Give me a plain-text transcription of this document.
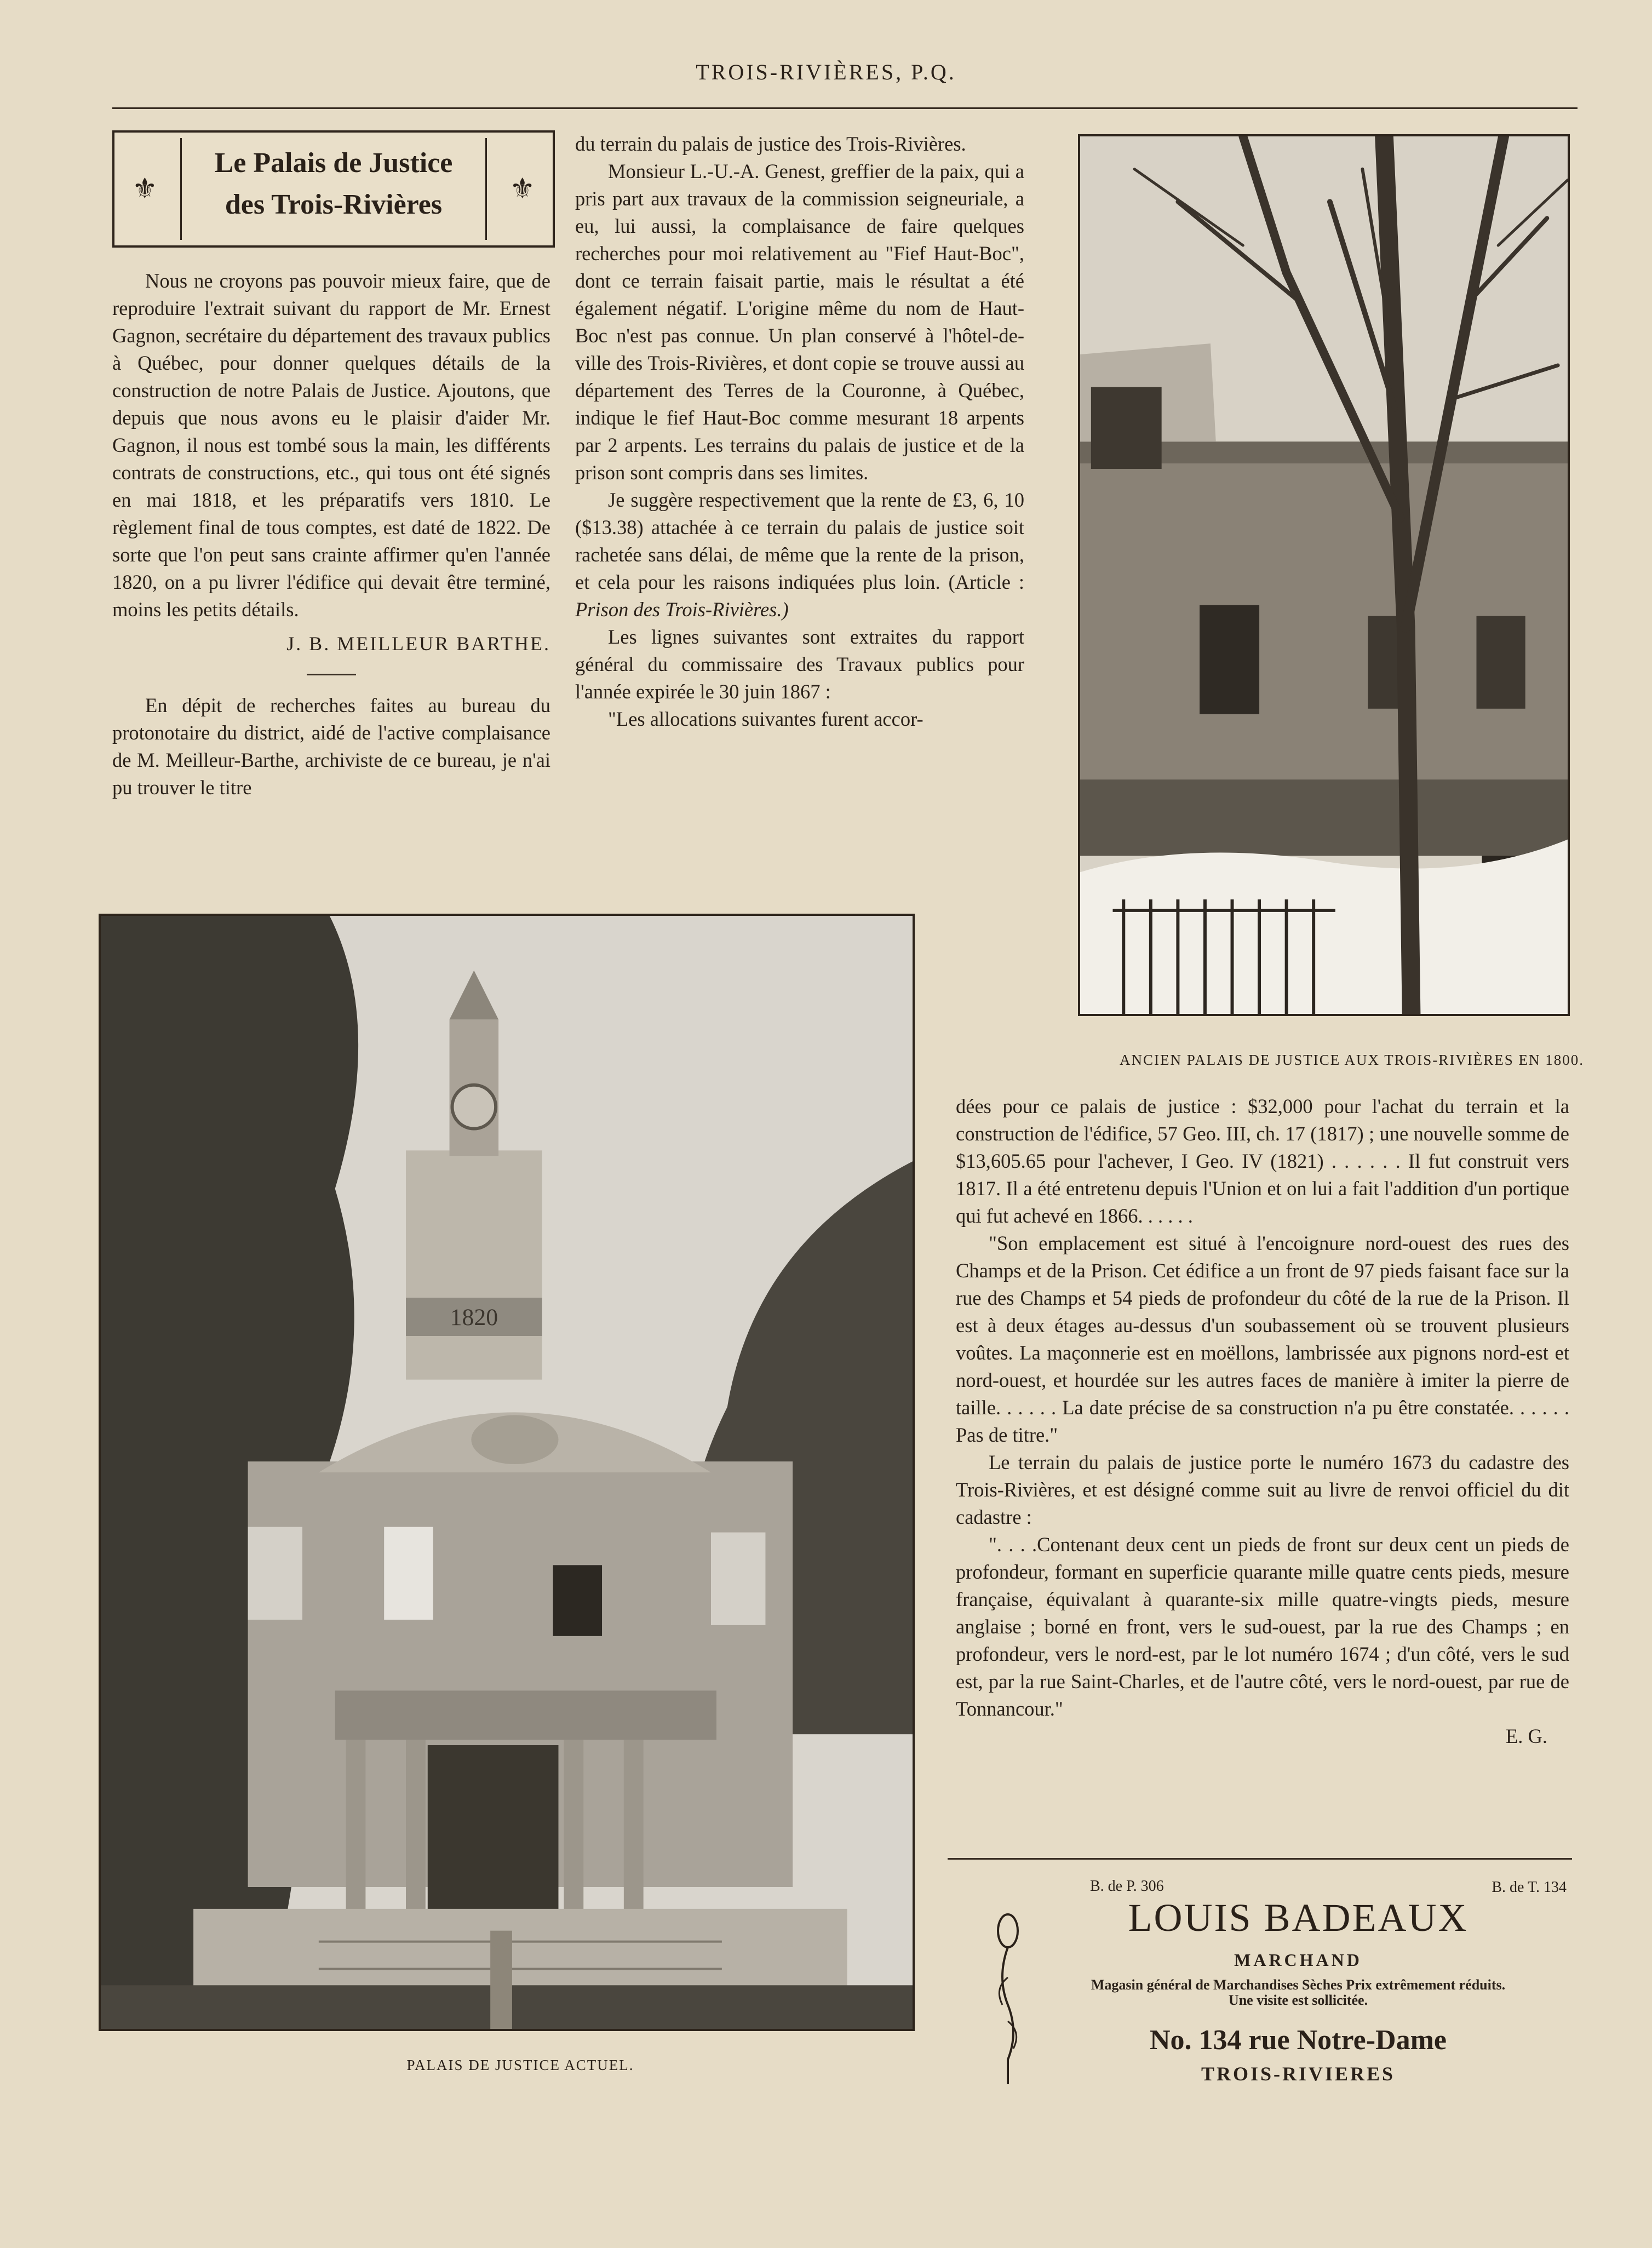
TROIS-RIVIÈRES, P.Q.
⚜
Le Palais de Justice
des Trois-Rivières	⚜

Nous ne croyons pas pouvoir mieux faire, que de reproduire l'extrait suivant du rapport de Mr. Ernest Gagnon, secrétaire du département des travaux publics à Québec, pour donner quelques détails de la construction de notre Palais de Justice. Ajoutons, que depuis que nous avons eu le plaisir d'aider Mr. Gagnon, il nous est tombé sous la main, les différents contrats de constructions, etc., qui tous ont été signés en mai 1818, et les préparatifs vers 1810. Le règlement final de tous comptes, est daté de 1822. De sorte que l'on peut sans crainte affirmer qu'en l'année 1820, on a pu livrer l'édifice qui devait être terminé, moins les petits détails.

J. B. MEILLEUR BARTHE.

En dépit de recherches faites au bureau du protonotaire du district, aidé de l'active complaisance de M. Meilleur-Barthe, archiviste de ce bureau, je n'ai pu trouver le titre

du terrain du palais de justice des Trois-Rivières.

Monsieur L.-U.-A. Genest, greffier de la paix, qui a pris part aux travaux de la commission seigneuriale, a eu, lui aussi, la complaisance de faire quelques recherches pour moi relativement au "Fief Haut-Boc", dont ce terrain faisait partie, mais le résultat a été également négatif. L'origine même du nom de Haut-Boc n'est pas connue. Un plan conservé à l'hôtel-de-ville des Trois-Rivières, et dont copie se trouve aussi au département des Terres de la Couronne, à Québec, indique le fief Haut-Boc comme mesurant 18 arpents par 2 arpents. Les terrains du palais de justice et de la prison sont compris dans ses limites.

Je suggère respectivement que la rente de £3, 6, 10 ($13.38) attachée à ce terrain du palais de justice soit rachetée sans délai, de même que la rente de la prison, et cela pour les raisons indiquées plus loin. (Article : Prison des Trois-Rivières.)

Les lignes suivantes sont extraites du rapport général du commissaire des Travaux publics pour l'année expirée le 30 juin 1867 :

"Les allocations suivantes furent accor-

ANCIEN PALAIS DE JUSTICE AUX TROIS-RIVIÈRES EN 1800.
1820
PALAIS DE JUSTICE ACTUEL.

dées pour ce palais de justice : $32,000 pour l'achat du terrain et la construction de l'édifice, 57 Geo. III, ch. 17 (1817) ; une nouvelle somme de $13,605.65 pour l'achever, I Geo. IV (1821) . . . . . . Il fut construit vers 1817. Il a été entretenu depuis l'Union et on lui a fait l'addition d'un portique qui fut achevé en 1866. . . . . .

"Son emplacement est situé à l'encoignure nord-ouest des rues des Champs et de la Prison. Cet édifice a un front de 97 pieds faisant face sur la rue des Champs et 54 pieds de profondeur du côté de la rue de la Prison. Il est à deux étages au-dessus d'un soubassement où se trouvent plusieurs voûtes. La maçonnerie est en moëllons, lambrissée aux pignons nord-est et nord-ouest, et hourdée sur les autres faces de manière à imiter la pierre de taille. . . . . . La date précise de sa construction n'a pu être constatée. . . . . . Pas de titre."

Le terrain du palais de justice porte le numéro 1673 du cadastre des Trois-Rivières, et est désigné comme suit au livre de renvoi officiel du dit cadastre :

". . . .Contenant deux cent un pieds de front sur deux cent un pieds de profondeur, formant en superficie quarante mille quatre cents pieds, mesure française, équivalant à quarante-six mille quatre-vingts pieds, mesure anglaise ; borné en front, vers le sud-ouest, par la rue des Champs ; en profondeur, vers le nord-est, par le lot numéro 1674 ; d'un côté, vers le sud est, par la rue Saint-Charles, et de l'autre côté, vers le nord-ouest, par rue de Tonnancour."

E. G.

B. de P. 306	B. de T. 134
LOUIS BADEAUX
MARCHAND
Magasin général de Marchandises Sèches Prix extrêmement réduits. Une visite est sollicitée.
No. 134 rue Notre-Dame
TROIS-RIVIERES
